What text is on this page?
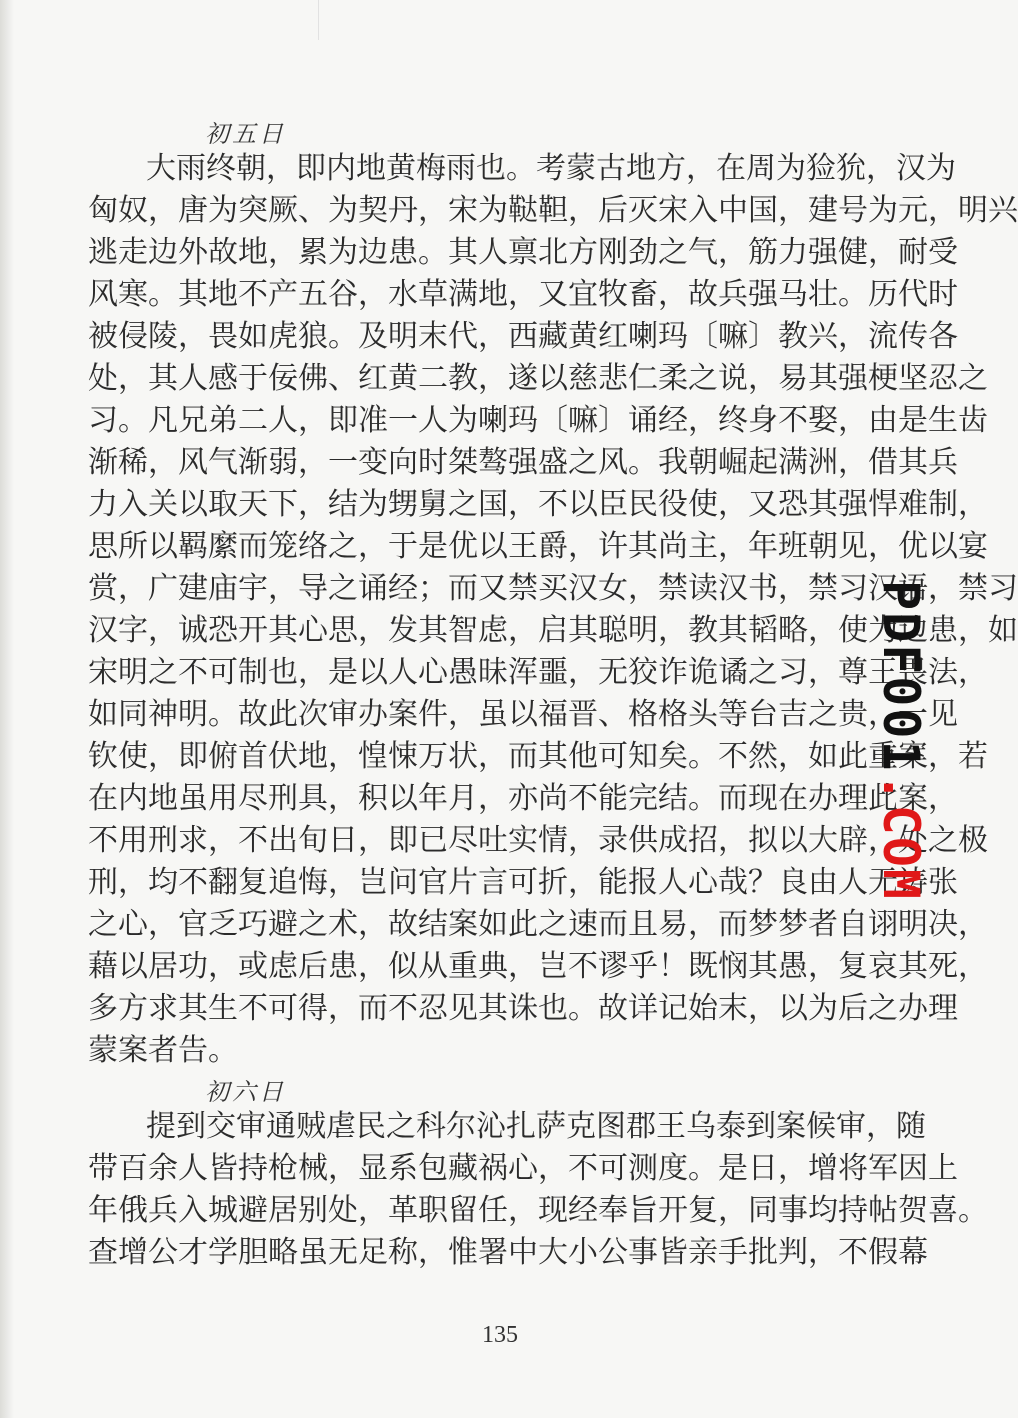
初五日
大雨终朝，即内地黄梅雨也。考蒙古地方，在周为猃狁，汉为
匈奴，唐为突厥、为契丹，宋为鞑靼，后灭宋入中国，建号为元，明兴
逃走边外故地，累为边患。其人禀北方刚劲之气，筋力强健，耐受
风寒。其地不产五谷，水草满地，又宜牧畜，故兵强马壮。历代时
被侵陵，畏如虎狼。及明末代，西藏黄红喇玛〔嘛〕教兴，流传各
处，其人感于佞佛、红黄二教，遂以慈悲仁柔之说，易其强梗坚忍之
习。凡兄弟二人，即准一人为喇玛〔嘛〕诵经，终身不娶，由是生齿
渐稀，风气渐弱，一变向时桀骜强盛之风。我朝崛起满洲，借其兵
力入关以取天下，结为甥舅之国，不以臣民役使，又恐其强悍难制，
思所以羁縻而笼络之，于是优以王爵，许其尚主，年班朝见，优以宴
赏，广建庙宇，导之诵经；而又禁买汉女，禁读汉书，禁习汉语，禁习
汉字，诚恐开其心思，发其智虑，启其聪明，教其韬略，使为边患，如
宋明之不可制也，是以人心愚昧浑噩，无狡诈诡谲之习，尊王畏法，
如同神明。故此次审办案件，虽以福晋、格格头等台吉之贵，一见
钦使，即俯首伏地，惶悚万状，而其他可知矣。不然，如此重案，若
在内地虽用尽刑具，积以年月，亦尚不能完结。而现在办理此案，
不用刑求，不出旬日，即已尽吐实情，录供成招，拟以大辟，处之极
刑，均不翻复追悔，岂问官片言可折，能报人心哉？良由人无诪张
之心，官乏巧避之术，故结案如此之速而且易，而梦梦者自诩明决，
藉以居功，或虑后患，似从重典，岂不谬乎！既悯其愚，复哀其死，
多方求其生不可得，而不忍见其诛也。故详记始末，以为后之办理
蒙案者告。
初六日
提到交审通贼虐民之科尔沁扎萨克图郡王乌泰到案候审，随
带百余人皆持枪械，显系包藏祸心，不可测度。是日，增将军因上
年俄兵入城避居别处，革职留任，现经奉旨开复，同事均持帖贺喜。
查增公才学胆略虽无足称，惟署中大小公事皆亲手批判，不假幕
135
PDF001.COM
